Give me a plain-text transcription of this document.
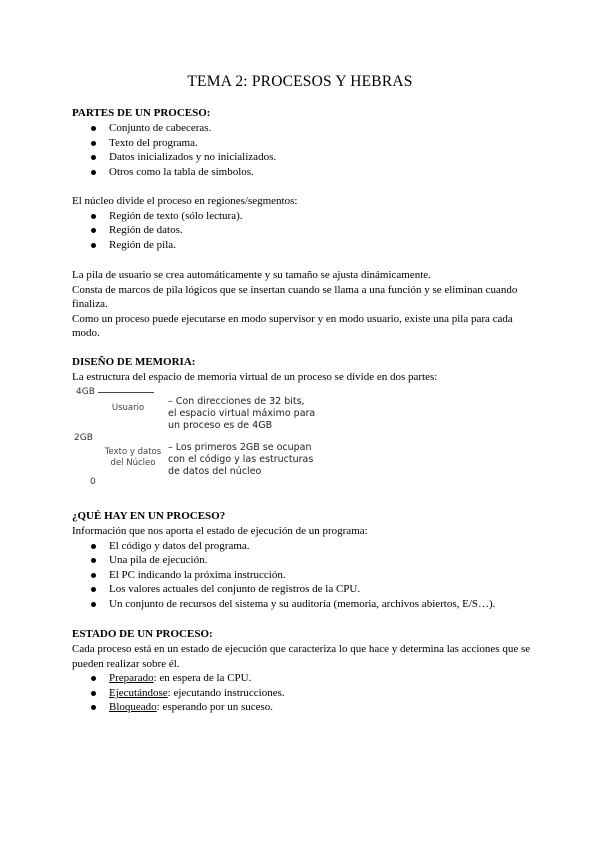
TEMA 2: PROCESOS Y HEBRAS
PARTES DE UN PROCESO:
Conjunto de cabeceras.
Texto del programa.
Datos inicializados y no inicializados.
Otros como la tabla de símbolos.

El núcleo divide el proceso en regiones/segmentos:

Región de texto (sólo lectura).
Región de datos.
Región de pila.

La pila de usuario se crea automáticamente y su tamaño se ajusta dinámicamente.

Consta de marcos de pila lógicos que se insertan cuando se llama a una función y se eliminan cuando finaliza.

Como un proceso puede ejecutarse en modo supervisor y en modo usuario, existe una pila para cada modo.

DISEÑO DE MEMORIA:

La estructura del espacio de memoria virtual de un proceso se divide en dos partes:

4GB
Usuario
2GB
Texto y datos
del Núcleo
0
– Con direcciones de 32 bits,
el espacio virtual máximo para
un proceso es de 4GB
– Los primeros 2GB se ocupan
con el código y las estructuras
de datos del núcleo
¿QUÉ HAY EN UN PROCESO?

Información que nos aporta el estado de ejecución de un programa:

El código y datos del programa.
Una pila de ejecución.
El PC indicando la próxima instrucción.
Los valores actuales del conjunto de registros de la CPU.
Un conjunto de recursos del sistema y su auditoría (memoria, archivos abiertos, E/S…).
ESTADO DE UN PROCESO:

Cada proceso está en un estado de ejecución que caracteriza lo que hace y determina las acciones que se pueden realizar sobre él.

Preparado: en espera de la CPU.
Ejecutándose: ejecutando instrucciones.
Bloqueado: esperando por un suceso.
